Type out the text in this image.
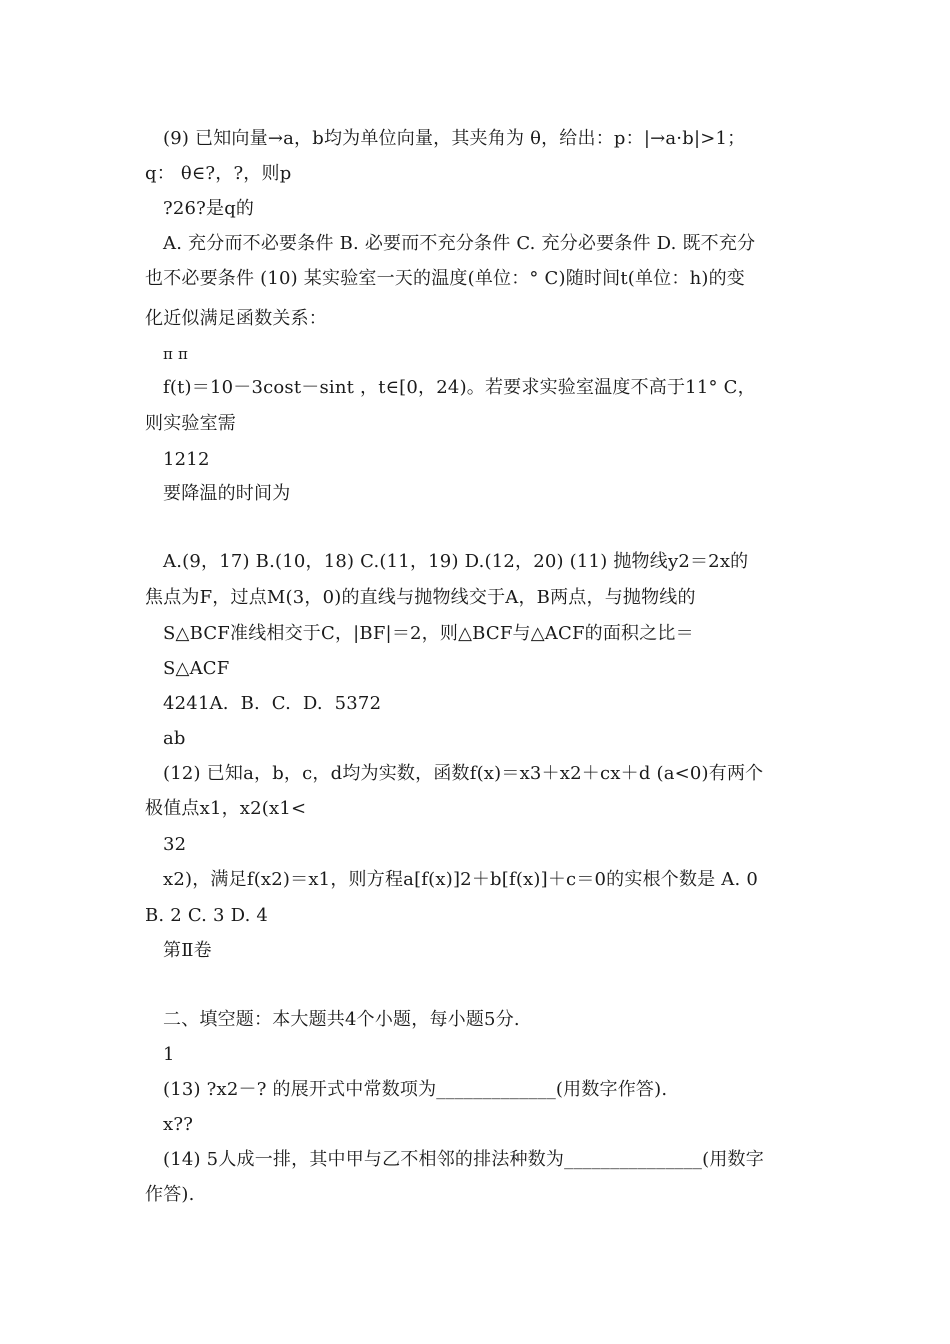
(9) 已知向量→a，b均为单位向量，其夹角为 θ，给出：p：|→a·b|>1；
q： θ∈?，?，则p
?26?是q的
A. 充分而不必要条件 B. 必要而不充分条件 C. 充分必要条件 D. 既不充分
也不必要条件 (10) 某实验室一天的温度(单位：° C)随时间t(单位：h)的变
化近似满足函数关系：
π π
f(t)＝10－3cost－sint ，t∈[0，24)。若要求实验室温度不高于11° C，
则实验室需
1212
要降温的时间为
A.(9，17) B.(10，18) C.(11，19) D.(12，20) (11) 抛物线y2＝2x的
焦点为F，过点M(3，0)的直线与抛物线交于A，B两点，与抛物线的
S△BCF准线相交于C，|BF|＝2，则△BCF与△ACF的面积之比＝
S△ACF
4241A.  B.  C.  D.  5372
ab
(12) 已知a，b，c，d均为实数，函数f(x)＝x3＋x2＋cx＋d (a<0)有两个
极值点x1，x2(x1<
32
x2)，满足f(x2)＝x1，则方程a[f(x)]2＋b[f(x)]＋c＝0的实根个数是 A. 0
B. 2 C. 3 D. 4
第Ⅱ卷
二、填空题：本大题共4个小题，每小题5分.
1
(13) ?x2－? 的展开式中常数项为_____________(用数字作答).
x??
(14) 5人成一排，其中甲与乙不相邻的排法种数为_______________(用数字
作答).
